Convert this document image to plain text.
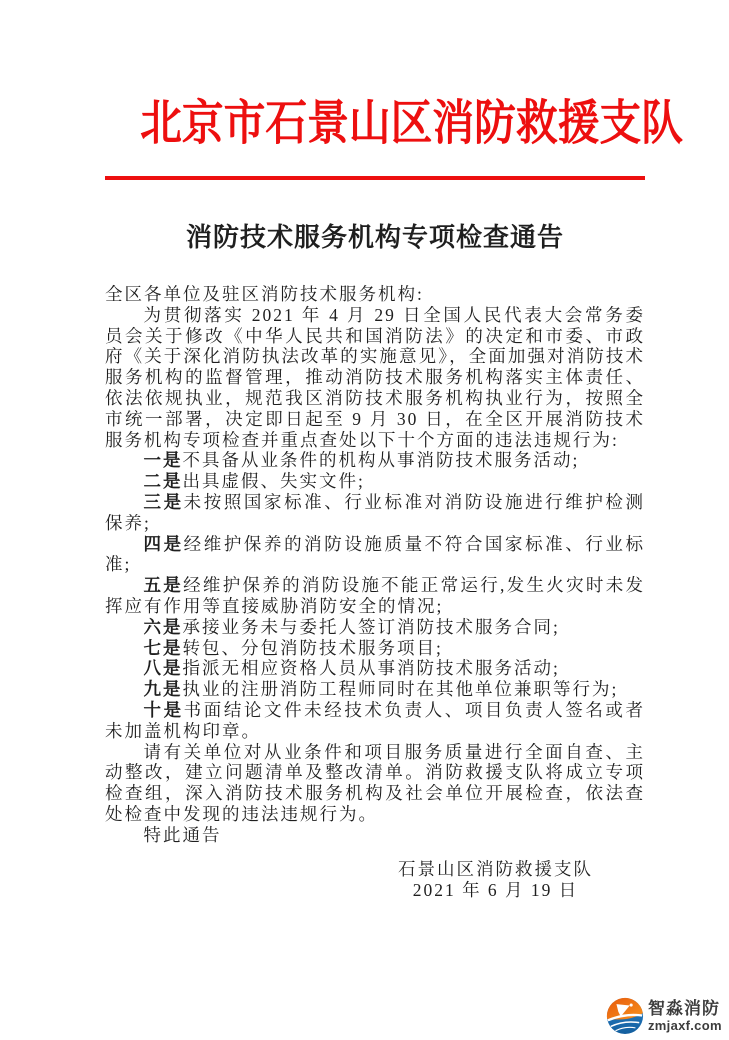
北京市石景山区消防救援支队
消防技术服务机构专项检查通告

全区各单位及驻区消防技术服务机构:

为贯彻落实 2021 年 4 月 29 日全国人民代表大会常务委员会关于修改《中华人民共和国消防法》的决定和市委、市政府《关于深化消防执法改革的实施意见》，全面加强对消防技术服务机构的监督管理，推动消防技术服务机构落实主体责任、依法依规执业，规范我区消防技术服务机构执业行为，按照全市统一部署，决定即日起至 9 月 30 日，在全区开展消防技术服务机构专项检查并重点查处以下十个方面的违法违规行为:

一是不具备从业条件的机构从事消防技术服务活动;

二是出具虚假、失实文件;

三是未按照国家标准、行业标准对消防设施进行维护检测保养;

四是经维护保养的消防设施质量不符合国家标准、行业标准;

五是经维护保养的消防设施不能正常运行,发生火灾时未发挥应有作用等直接威胁消防安全的情况;

六是承接业务未与委托人签订消防技术服务合同;

七是转包、分包消防技术服务项目;

八是指派无相应资格人员从事消防技术服务活动;

九是执业的注册消防工程师同时在其他单位兼职等行为;

十是书面结论文件未经技术负责人、项目负责人签名或者未加盖机构印章。

请有关单位对从业条件和项目服务质量进行全面自查、主动整改，建立问题清单及整改清单。消防救援支队将成立专项检查组，深入消防技术服务机构及社会单位开展检查，依法查处检查中发现的违法违规行为。

特此通告

石景山区消防救援支队
2021 年 6 月 19 日
智淼消防
zmjaxf.com
